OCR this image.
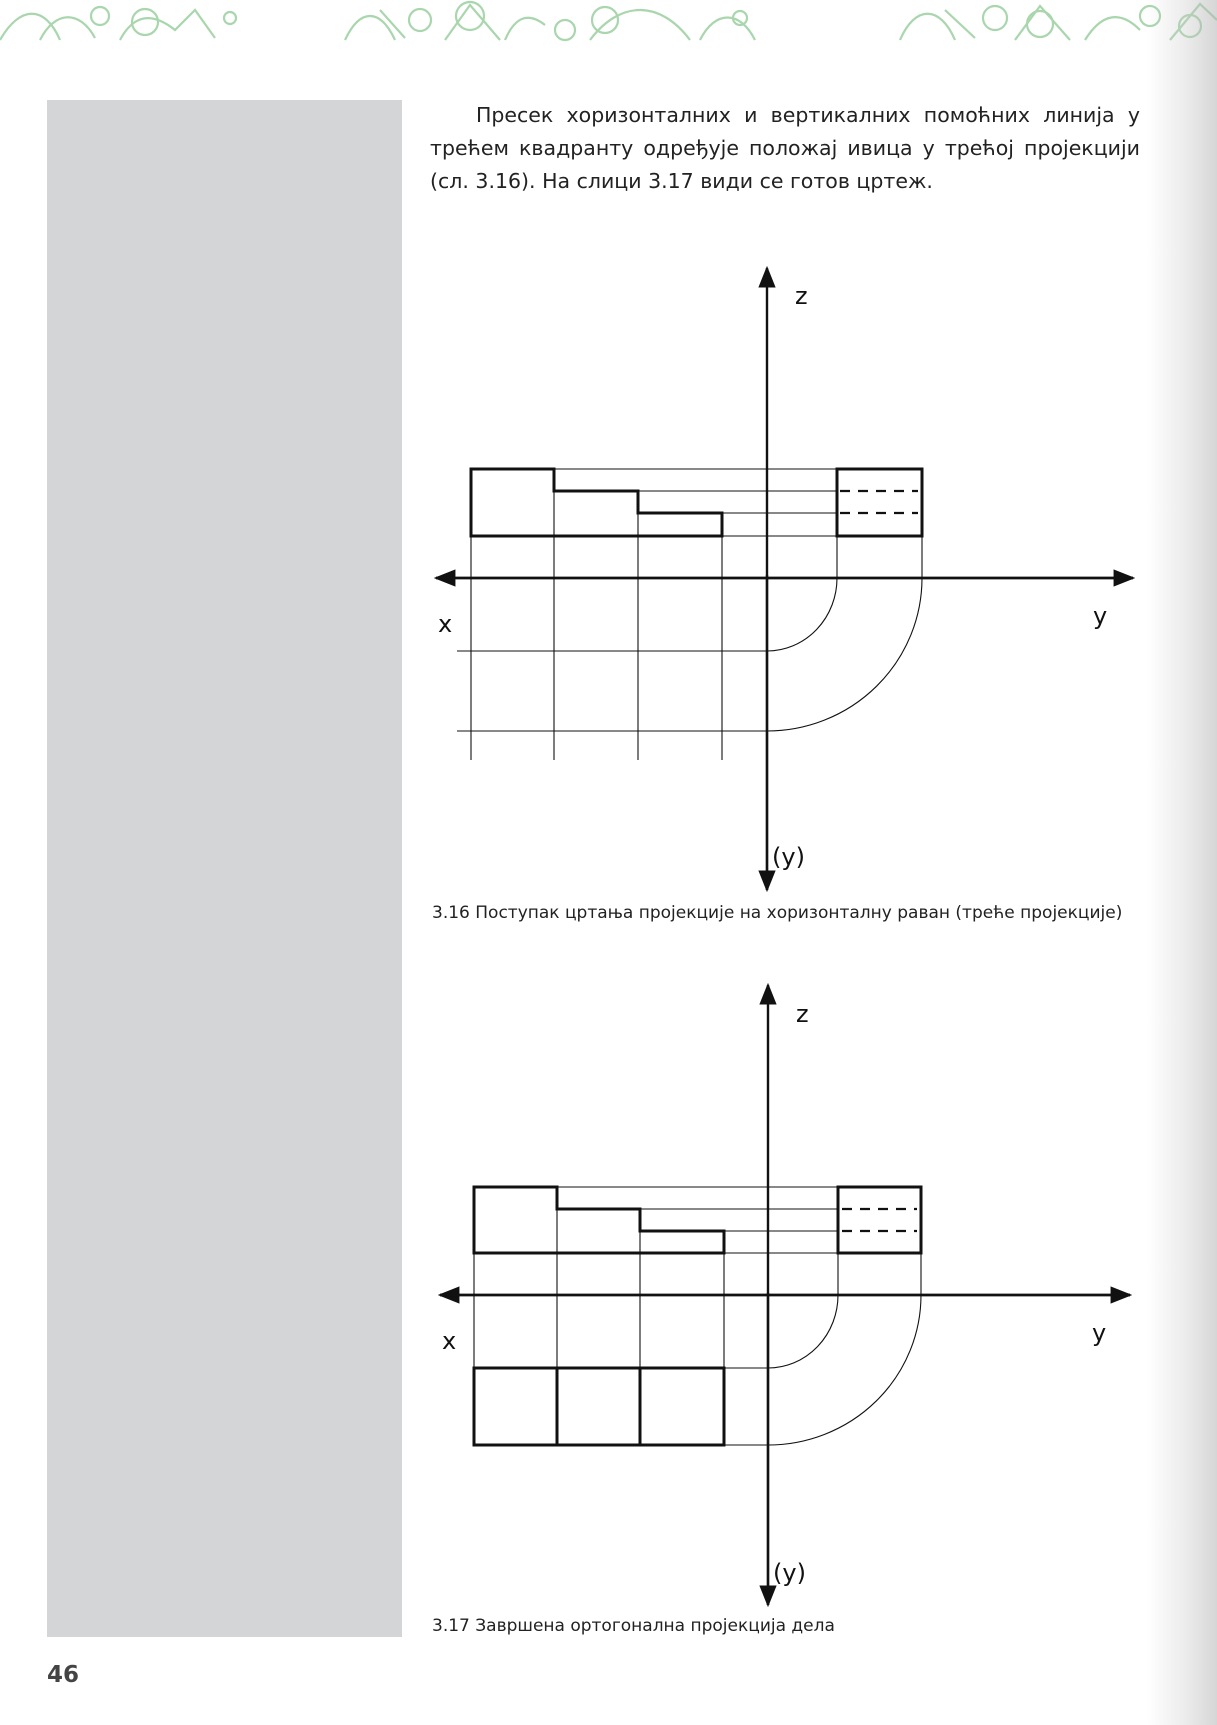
Пресек хоризонталних и вертикалних помоћних линија у трећем квадранту одређује положај ивица у трећој пројекцији (сл. 3.16). На слици 3.17 види се готов цртеж.

z
x	y
(y)
z
x	y
(y)
3.16 Поступак цртања пројекције на хоризонталну раван (треће пројекције)
3.17 Завршена ортогонална пројекција дела
46
